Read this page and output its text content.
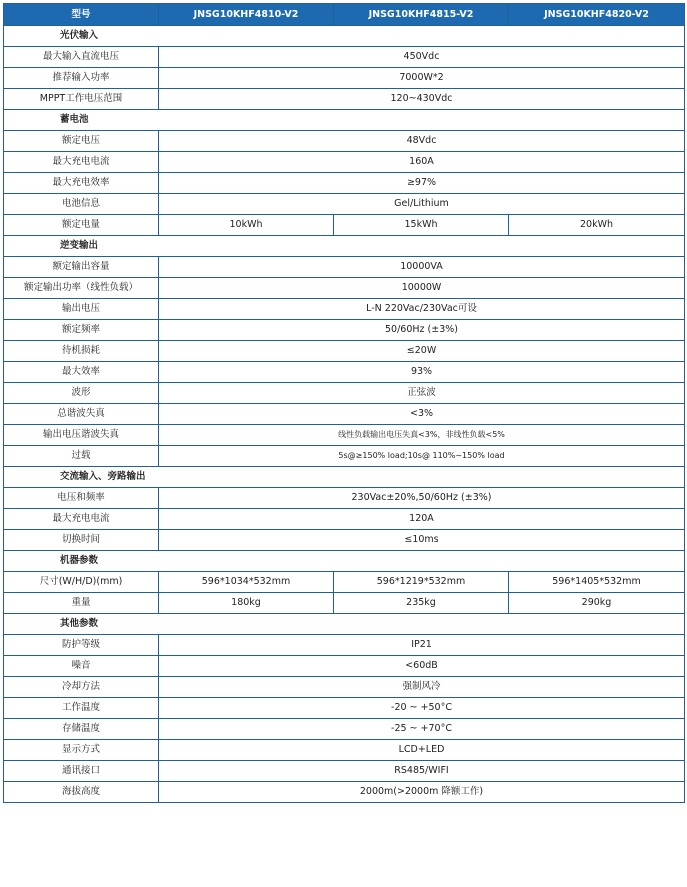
型号	JNSG10KHF4810-V2	JNSG10KHF4815-V2	JNSG10KHF4820-V2
光伏输入			
最大输入直流电压	450Vdc		
推荐输入功率	7000W*2		
MPPT工作电压范围	120~430Vdc		
蓄电池			
额定电压	48Vdc		
最大充电电流	160A		
最大充电效率	≥97%		
电池信息	Gel/Lithium		
额定电量	10kWh	15kWh	20kWh
逆变输出			
额定输出容量	10000VA		
额定输出功率（线性负载）	10000W		
输出电压	L-N 220Vac/230Vac可设		
额定频率	50/60Hz (±3%)		
待机损耗	≤20W		
最大效率	93%		
波形	正弦波		
总谐波失真	<3%		
输出电压谐波失真	线性负载输出电压失真<3%，非线性负载<5%		
过载	5s@≥150% load;10s@ 110%~150% load		
交流输入、旁路输出			
电压和频率	230Vac±20%,50/60Hz (±3%)		
最大充电电流	120A		
切换时间	≤10ms		
机器参数			
尺寸(W/H/D)(mm)	596*1034*532mm	596*1219*532mm	596*1405*532mm
重量	180kg	235kg	290kg
其他参数			
防护等级	IP21		
噪音	<60dB		
冷却方法	强制风冷		
工作温度	-20 ~ +50°C		
存储温度	-25 ~ +70°C		
显示方式	LCD+LED		
通讯接口	RS485/WIFI		
海拔高度	2000m(>2000m 降额工作)		
